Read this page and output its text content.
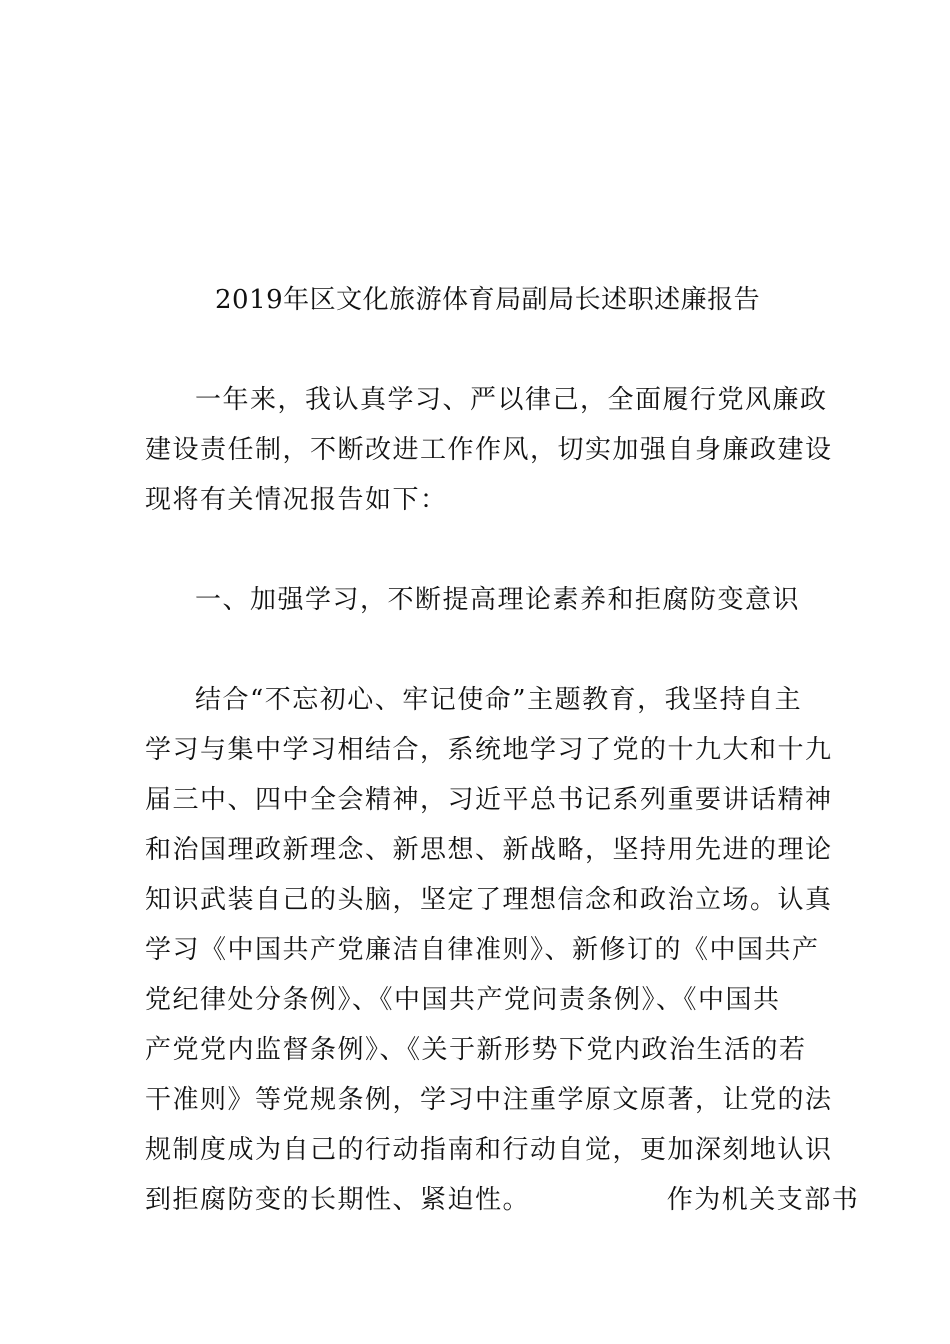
2019年区文化旅游体育局副局长述职述廉报告
一年来，我认真学习、严以律己，全面履行党风廉政
建设责任制，不断改进工作作风，切实加强自身廉政建设
现将有关情况报告如下：
一、加强学习，不断提高理论素养和拒腐防变意识
结合“不忘初心、牢记使命”主题教育，我坚持自主
学习与集中学习相结合，系统地学习了党的十九大和十九
届三中、四中全会精神，习近平总书记系列重要讲话精神
和治国理政新理念、新思想、新战略，坚持用先进的理论
知识武装自己的头脑，坚定了理想信念和政治立场。认真
学习《中国共产党廉洁自律准则》、新修订的《中国共产
党纪律处分条例》、《中国共产党问责条例》、《中国共
产党党内监督条例》、《关于新形势下党内政治生活的若
干准则》等党规条例，学习中注重学原文原著，让党的法
规制度成为自己的行动指南和行动自觉，更加深刻地认识
到拒腐防变的长期性、紧迫性。              作为机关支部书
